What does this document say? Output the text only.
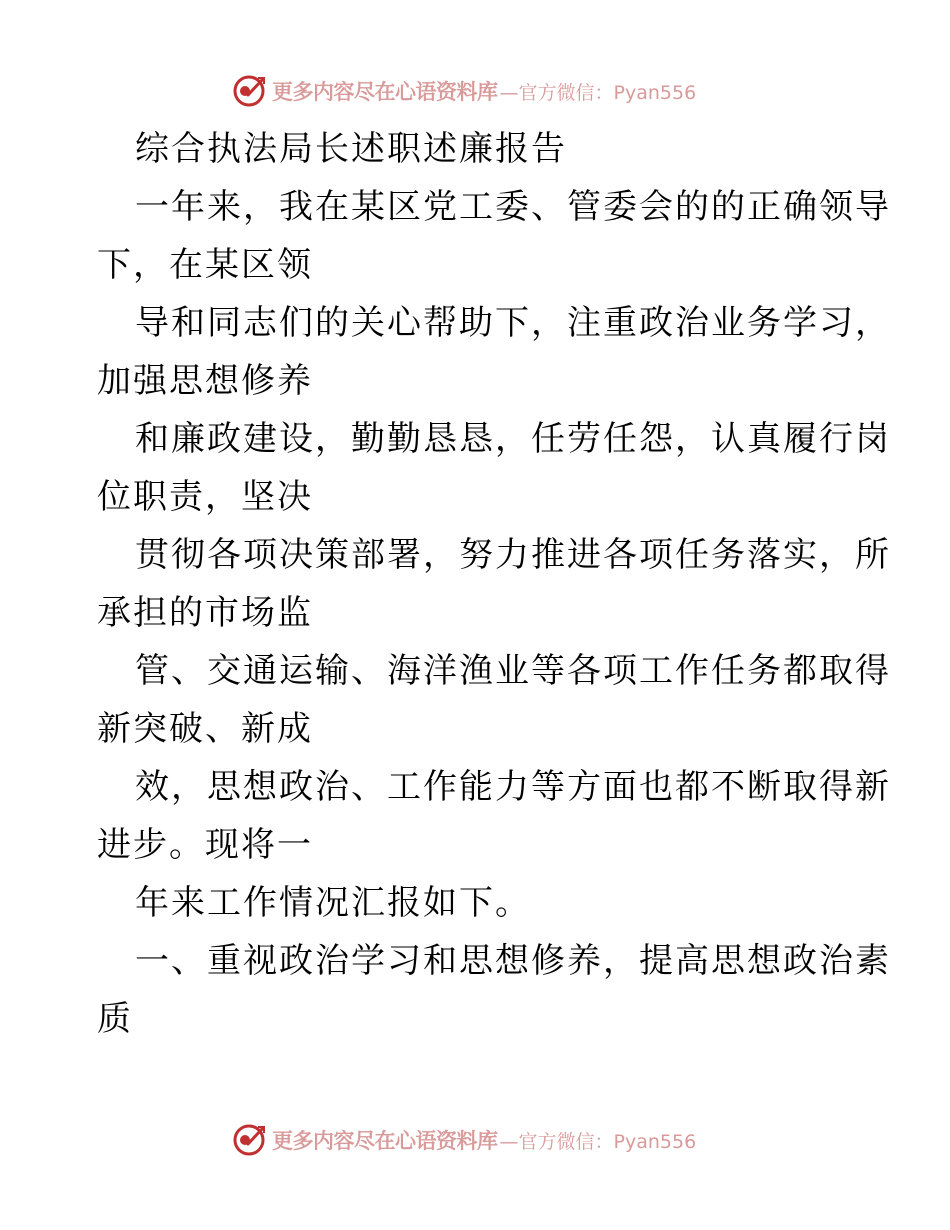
更多内容尽在心语资料库 —官方微信：Pyan556
综合执法局长述职述廉报告
一年来，我在某区党工委、管委会的的正确领导
下，在某区领
导和同志们的关心帮助下，注重政治业务学习，
加强思想修养
和廉政建设，勤勤恳恳，任劳任怨，认真履行岗
位职责，坚决
贯彻各项决策部署，努力推进各项任务落实，所
承担的市场监
管、交通运输、海洋渔业等各项工作任务都取得
新突破、新成
效，思想政治、工作能力等方面也都不断取得新
进步。现将一
年来工作情况汇报如下。
一、重视政治学习和思想修养，提高思想政治素
质
更多内容尽在心语资料库 —官方微信：Pyan556
